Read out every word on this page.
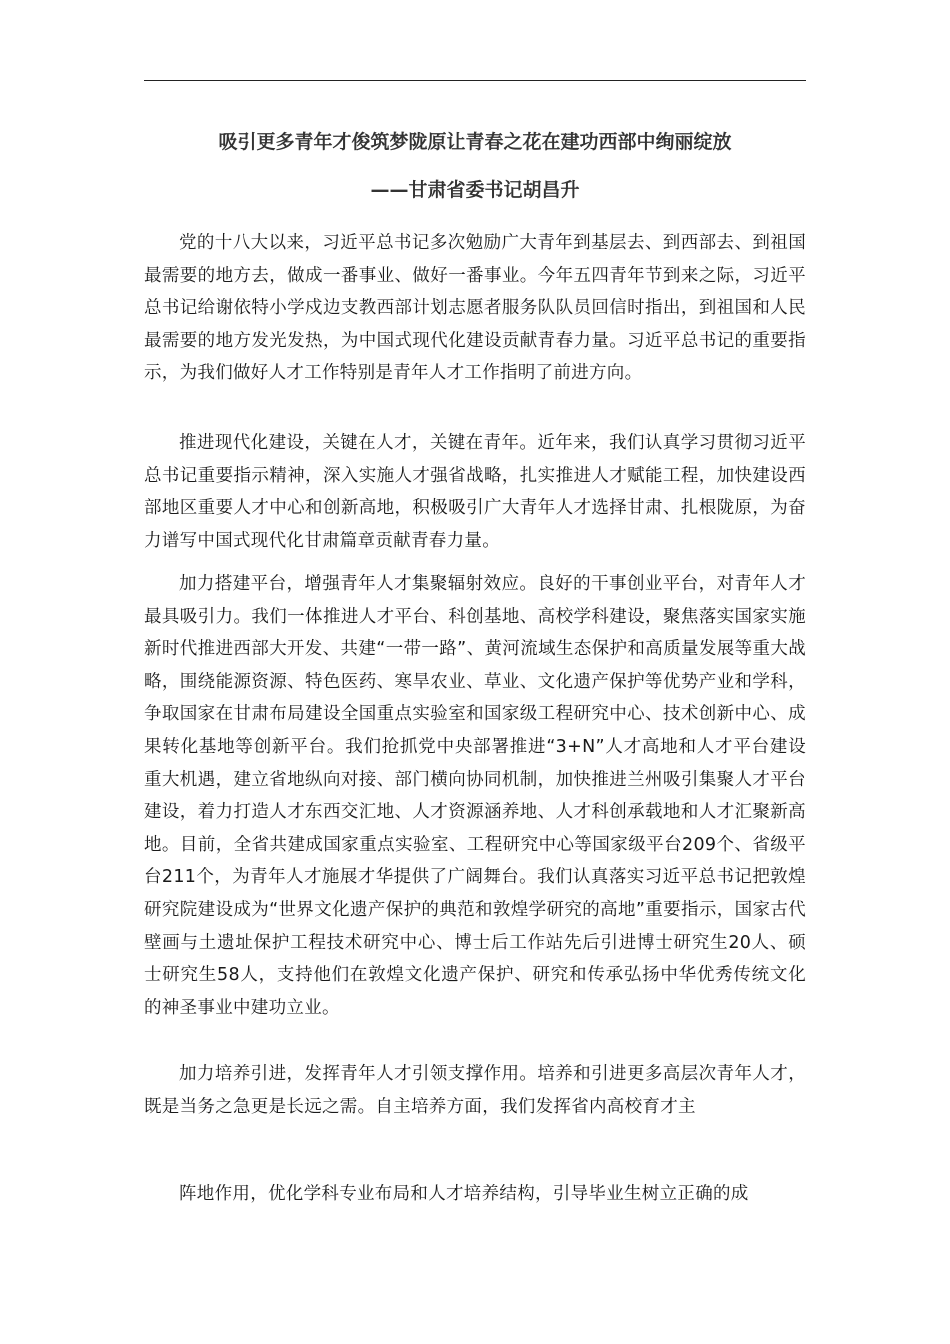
吸引更多青年才俊筑梦陇原让青春之花在建功西部中绚丽绽放
——甘肃省委书记胡昌升

党的十八大以来，习近平总书记多次勉励广大青年到基层去、到西部去、到祖国最需要的地方去，做成一番事业、做好一番事业。今年五四青年节到来之际，习近平总书记给谢依特小学戍边支教西部计划志愿者服务队队员回信时指出，到祖国和人民最需要的地方发光发热，为中国式现代化建设贡献青春力量。习近平总书记的重要指示，为我们做好人才工作特别是青年人才工作指明了前进方向。

推进现代化建设，关键在人才，关键在青年。近年来，我们认真学习贯彻习近平总书记重要指示精神，深入实施人才强省战略，扎实推进人才赋能工程，加快建设西部地区重要人才中心和创新高地，积极吸引广大青年人才选择甘肃、扎根陇原，为奋力谱写中国式现代化甘肃篇章贡献青春力量。

加力搭建平台，增强青年人才集聚辐射效应。良好的干事创业平台，对青年人才最具吸引力。我们一体推进人才平台、科创基地、高校学科建设，聚焦落实国家实施新时代推进西部大开发、共建“一带一路”、黄河流域生态保护和高质量发展等重大战略，围绕能源资源、特色医药、寒旱农业、草业、文化遗产保护等优势产业和学科，争取国家在甘肃布局建设全国重点实验室和国家级工程研究中心、技术创新中心、成果转化基地等创新平台。我们抢抓党中央部署推进“3+N”人才高地和人才平台建设重大机遇，建立省地纵向对接、部门横向协同机制，加快推进兰州吸引集聚人才平台建设，着力打造人才东西交汇地、人才资源涵养地、人才科创承载地和人才汇聚新高地。目前，全省共建成国家重点实验室、工程研究中心等国家级平台209个、省级平台211个，为青年人才施展才华提供了广阔舞台。我们认真落实习近平总书记把敦煌研究院建设成为“世界文化遗产保护的典范和敦煌学研究的高地”重要指示，国家古代壁画与土遗址保护工程技术研究中心、博士后工作站先后引进博士研究生20人、硕士研究生58人，支持他们在敦煌文化遗产保护、研究和传承弘扬中华优秀传统文化的神圣事业中建功立业。

加力培养引进，发挥青年人才引领支撑作用。培养和引进更多高层次青年人才，既是当务之急更是长远之需。自主培养方面，我们发挥省内高校育才主

阵地作用，优化学科专业布局和人才培养结构，引导毕业生树立正确的成
